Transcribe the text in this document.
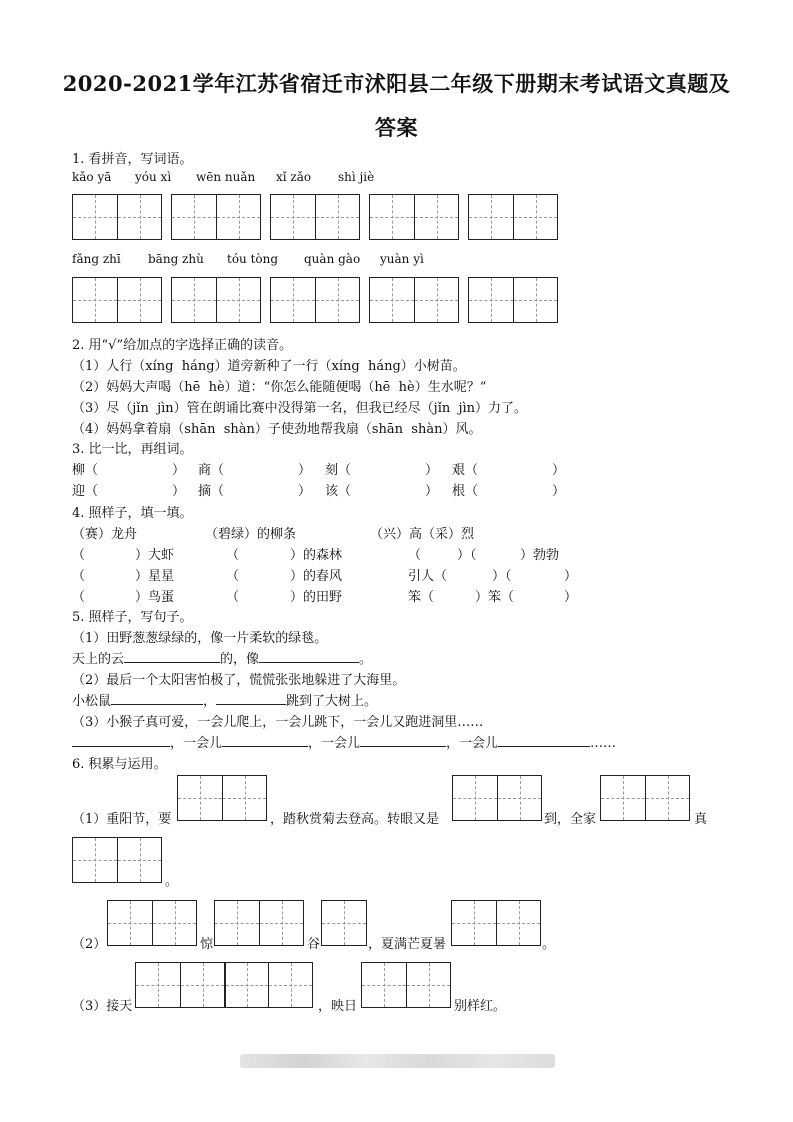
2020-2021学年江苏省宿迁市沭阳县二年级下册期末考试语文真题及
答案
1. 看拼音，写词语。
kǎo yā yóu xì wēn nuǎn xǐ zǎo shì jiè
fǎng zhī bāng zhù tóu tòng quàn gào yuàn yì
2. 用“√”给加点的字选择正确的读音。
（1）人行（xíng  háng）道旁新种了一行（xíng  háng）小树苗。
（2）妈妈大声喝（hē  hè）道：“你怎么能随便喝（hē  hè）生水呢？”
（3）尽（jǐn  jìn）管在朗诵比赛中没得第一名，但我已经尽（jǐn  jìn）力了。
（4）妈妈拿着扇（shān  shàn）子使劲地帮我扇（shān  shàn）风。
3. 比一比，再组词。
柳（	） 商（	） 刻（	） 艰（	）
迎（	） 摘（	） 该（	） 根（	）
4. 照样子，填一填。
（赛）龙舟	（碧绿）的柳条	（兴）高（采）烈
（	）大虾	（	）的森林	（	）（	）勃勃
（	）星星	（	）的春风	引人（	）（	）
（	）鸟蛋	（	）的田野	笨（	）笨（	）
5. 照样子，写句子。
（1）田野葱葱绿绿的，像一片柔软的绿毯。
天上的云	的，像	。
（2）最后一个太阳害怕极了，慌慌张张地躲进了大海里。
小松鼠	，	跳到了大树上。
（3）小猴子真可爱，一会儿爬上，一会儿跳下，一会儿又跑进洞里……
，一会儿	，一会儿	，一会儿	……
6. 积累与运用。
（1）重阳节，要	，踏秋赏菊去登高。转眼又是	到，全家	真
。
（2）	惊	谷	，夏满芒夏暑	。
（3）接天	，映日	别样红。
